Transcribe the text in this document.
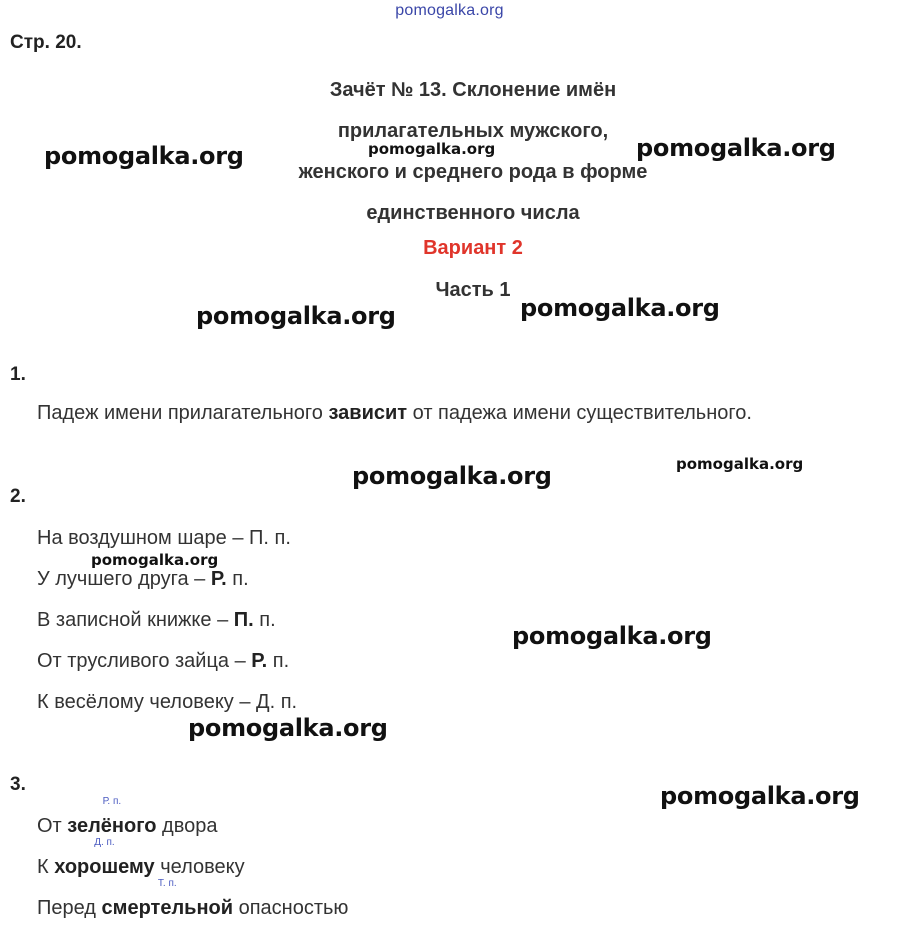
pomogalka.org
Стр. 20.
Зачёт № 13. Склонение имён прилагательных мужского, женского и среднего рода в форме единственного числа
Вариант 2
Часть 1
pomogalka.org	pomogalka.org	pomogalka.org
pomogalka.org	pomogalka.org
pomogalka.org	pomogalka.org
pomogalka.org
pomogalka.org
pomogalka.org
pomogalka.org
1.
Падеж имени прилагательного зависит от падежа имени существительного.
2.
На воздушном шаре – П. п.
У лучшего друга – Р. п.
В записной книжке – П. п.
От трусливого зайца – Р. п.
К весёлому человеку – Д. п.
3.
От
Р. п.
зелёного двора
К
Д. п.
хорошему человеку
Перед
Т. п.
смертельной опасностью
